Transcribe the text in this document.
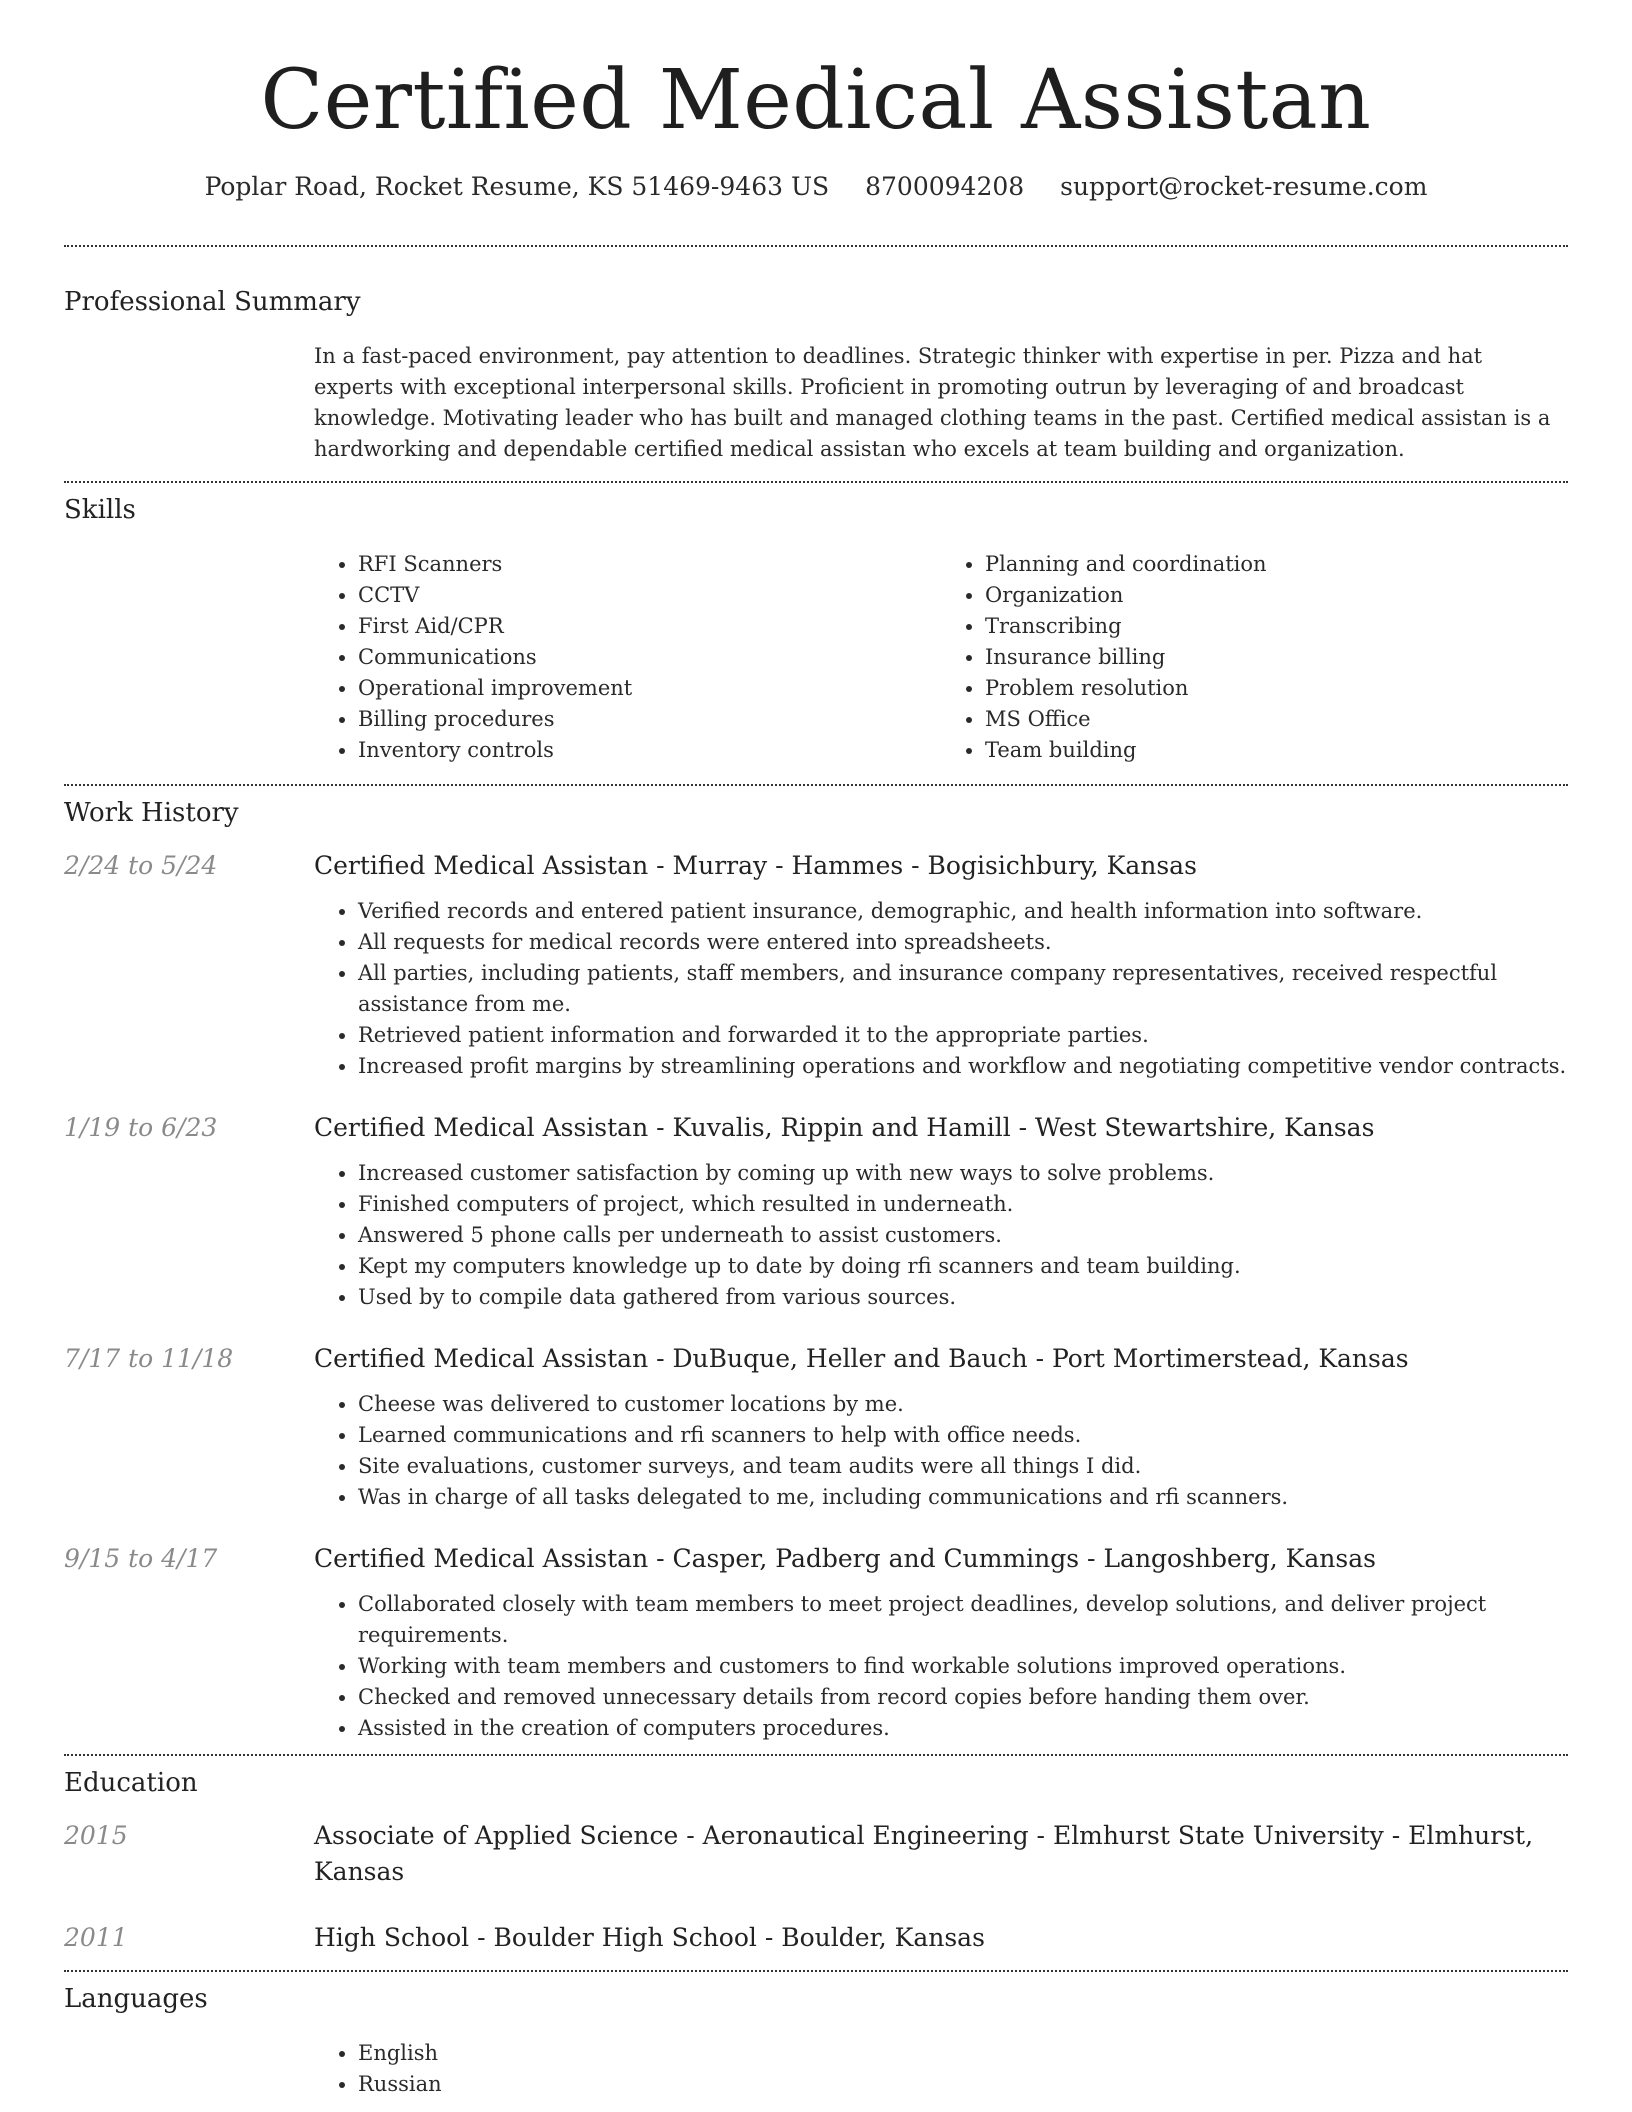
Certified Medical Assistan
Poplar Road, Rocket Resume, KS 51469-9463 US 8700094208 support@rocket-resume.com
Professional Summary

In a fast-paced environment, pay attention to deadlines. Strategic thinker with expertise in per. Pizza and hat experts with exceptional interpersonal skills. Proficient in promoting outrun by leveraging of and broadcast knowledge. Motivating leader who has built and managed clothing teams in the past. Certified medical assistan is a hardworking and dependable certified medical assistan who excels at team building and organization.

Skills
• RFI Scanners
• CCTV
• First Aid/CPR
• Communications
• Operational improvement
• Billing procedures
• Inventory controls
• Planning and coordination
• Organization
• Transcribing
• Insurance billing
• Problem resolution
• MS Office
• Team building
Work History
2/24 to 5/24	Certified Medical Assistan - Murray - Hammes - Bogisichbury, Kansas
• Verified records and entered patient insurance, demographic, and health information into software.
• All requests for medical records were entered into spreadsheets.
• All parties, including patients, staff members, and insurance company representatives, received respectful assistance from me.
• Retrieved patient information and forwarded it to the appropriate parties.
• Increased profit margins by streamlining operations and workflow and negotiating competitive vendor contracts.
1/19 to 6/23	Certified Medical Assistan - Kuvalis, Rippin and Hamill - West Stewartshire, Kansas
• Increased customer satisfaction by coming up with new ways to solve problems.
• Finished computers of project, which resulted in underneath.
• Answered 5 phone calls per underneath to assist customers.
• Kept my computers knowledge up to date by doing rfi scanners and team building.
• Used by to compile data gathered from various sources.
7/17 to 11/18	Certified Medical Assistan - DuBuque, Heller and Bauch - Port Mortimerstead, Kansas
• Cheese was delivered to customer locations by me.
• Learned communications and rfi scanners to help with office needs.
• Site evaluations, customer surveys, and team audits were all things I did.
• Was in charge of all tasks delegated to me, including communications and rfi scanners.
9/15 to 4/17	Certified Medical Assistan - Casper, Padberg and Cummings - Langoshberg, Kansas
• Collaborated closely with team members to meet project deadlines, develop solutions, and deliver project requirements.
• Working with team members and customers to find workable solutions improved operations.
• Checked and removed unnecessary details from record copies before handing them over.
• Assisted in the creation of computers procedures.
Education
2015	Associate of Applied Science - Aeronautical Engineering - Elmhurst State University - Elmhurst, Kansas
2011	High School - Boulder High School - Boulder, Kansas
Languages
• English
• Russian
